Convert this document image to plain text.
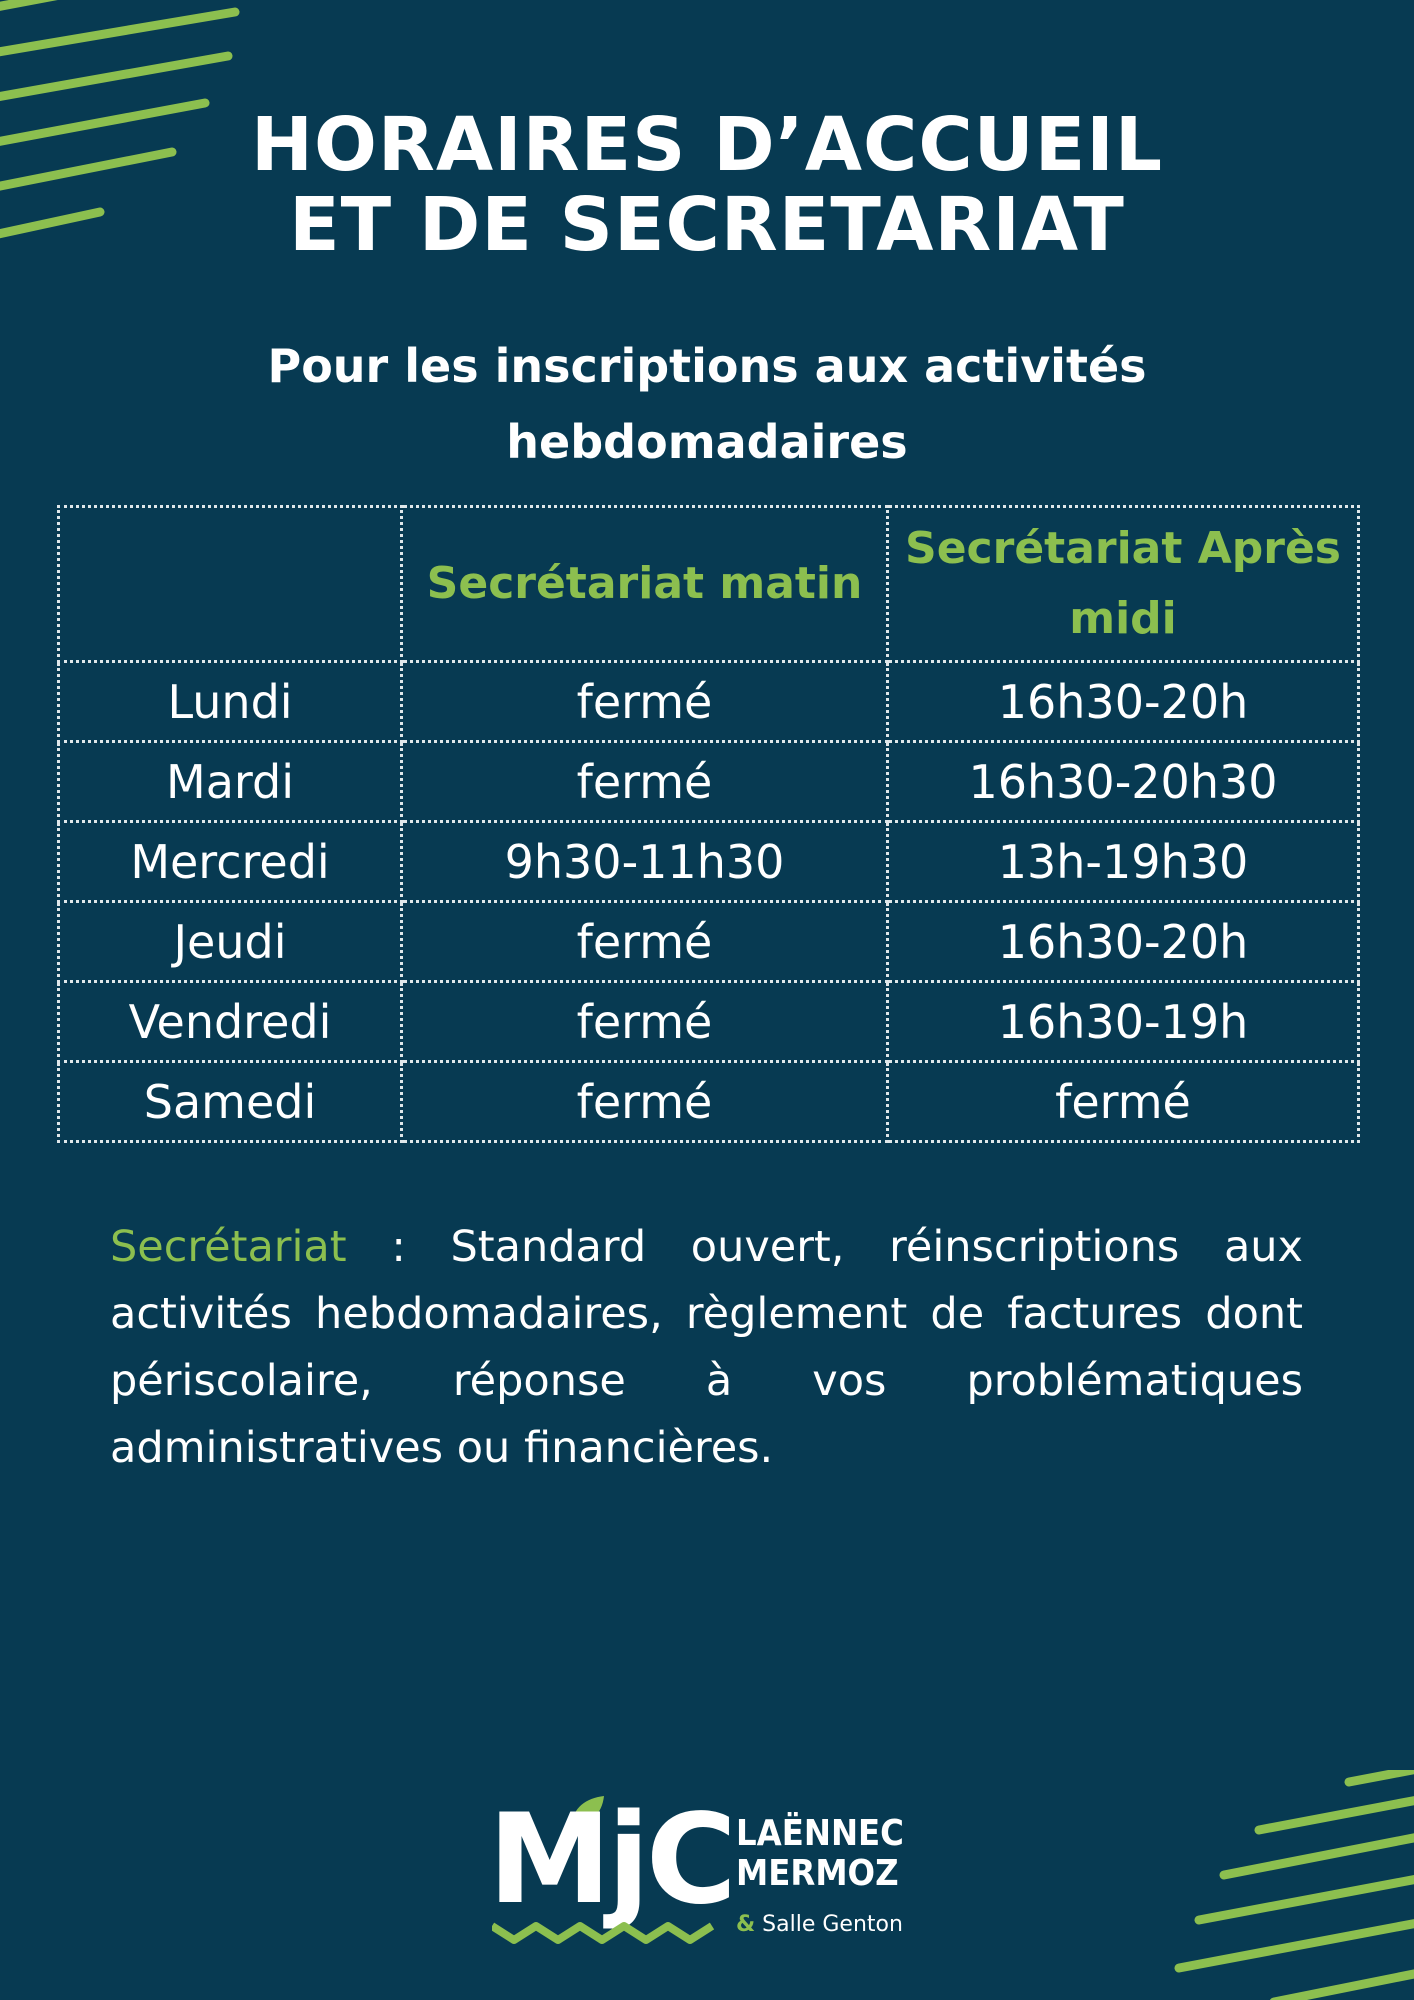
HORAIRES D’ACCUEIL
ET DE SECRETARIAT
Pour les inscriptions aux activités
hebdomadaires
	Secrétariat matin	Secrétariat Après midi
Lundi	fermé	16h30-20h
Mardi	fermé	16h30-20h30
Mercredi	9h30-11h30	13h-19h30
Jeudi	fermé	16h30-20h
Vendredi	fermé	16h30-19h
Samedi	fermé	fermé
Secrétariat : Standard ouvert, réinscriptions aux activités hebdomadaires, règlement de factures dont périscolaire, réponse à vos problématiques administratives ou financières.
MjC LAËNNEC
MERMOZ
& Salle Genton
